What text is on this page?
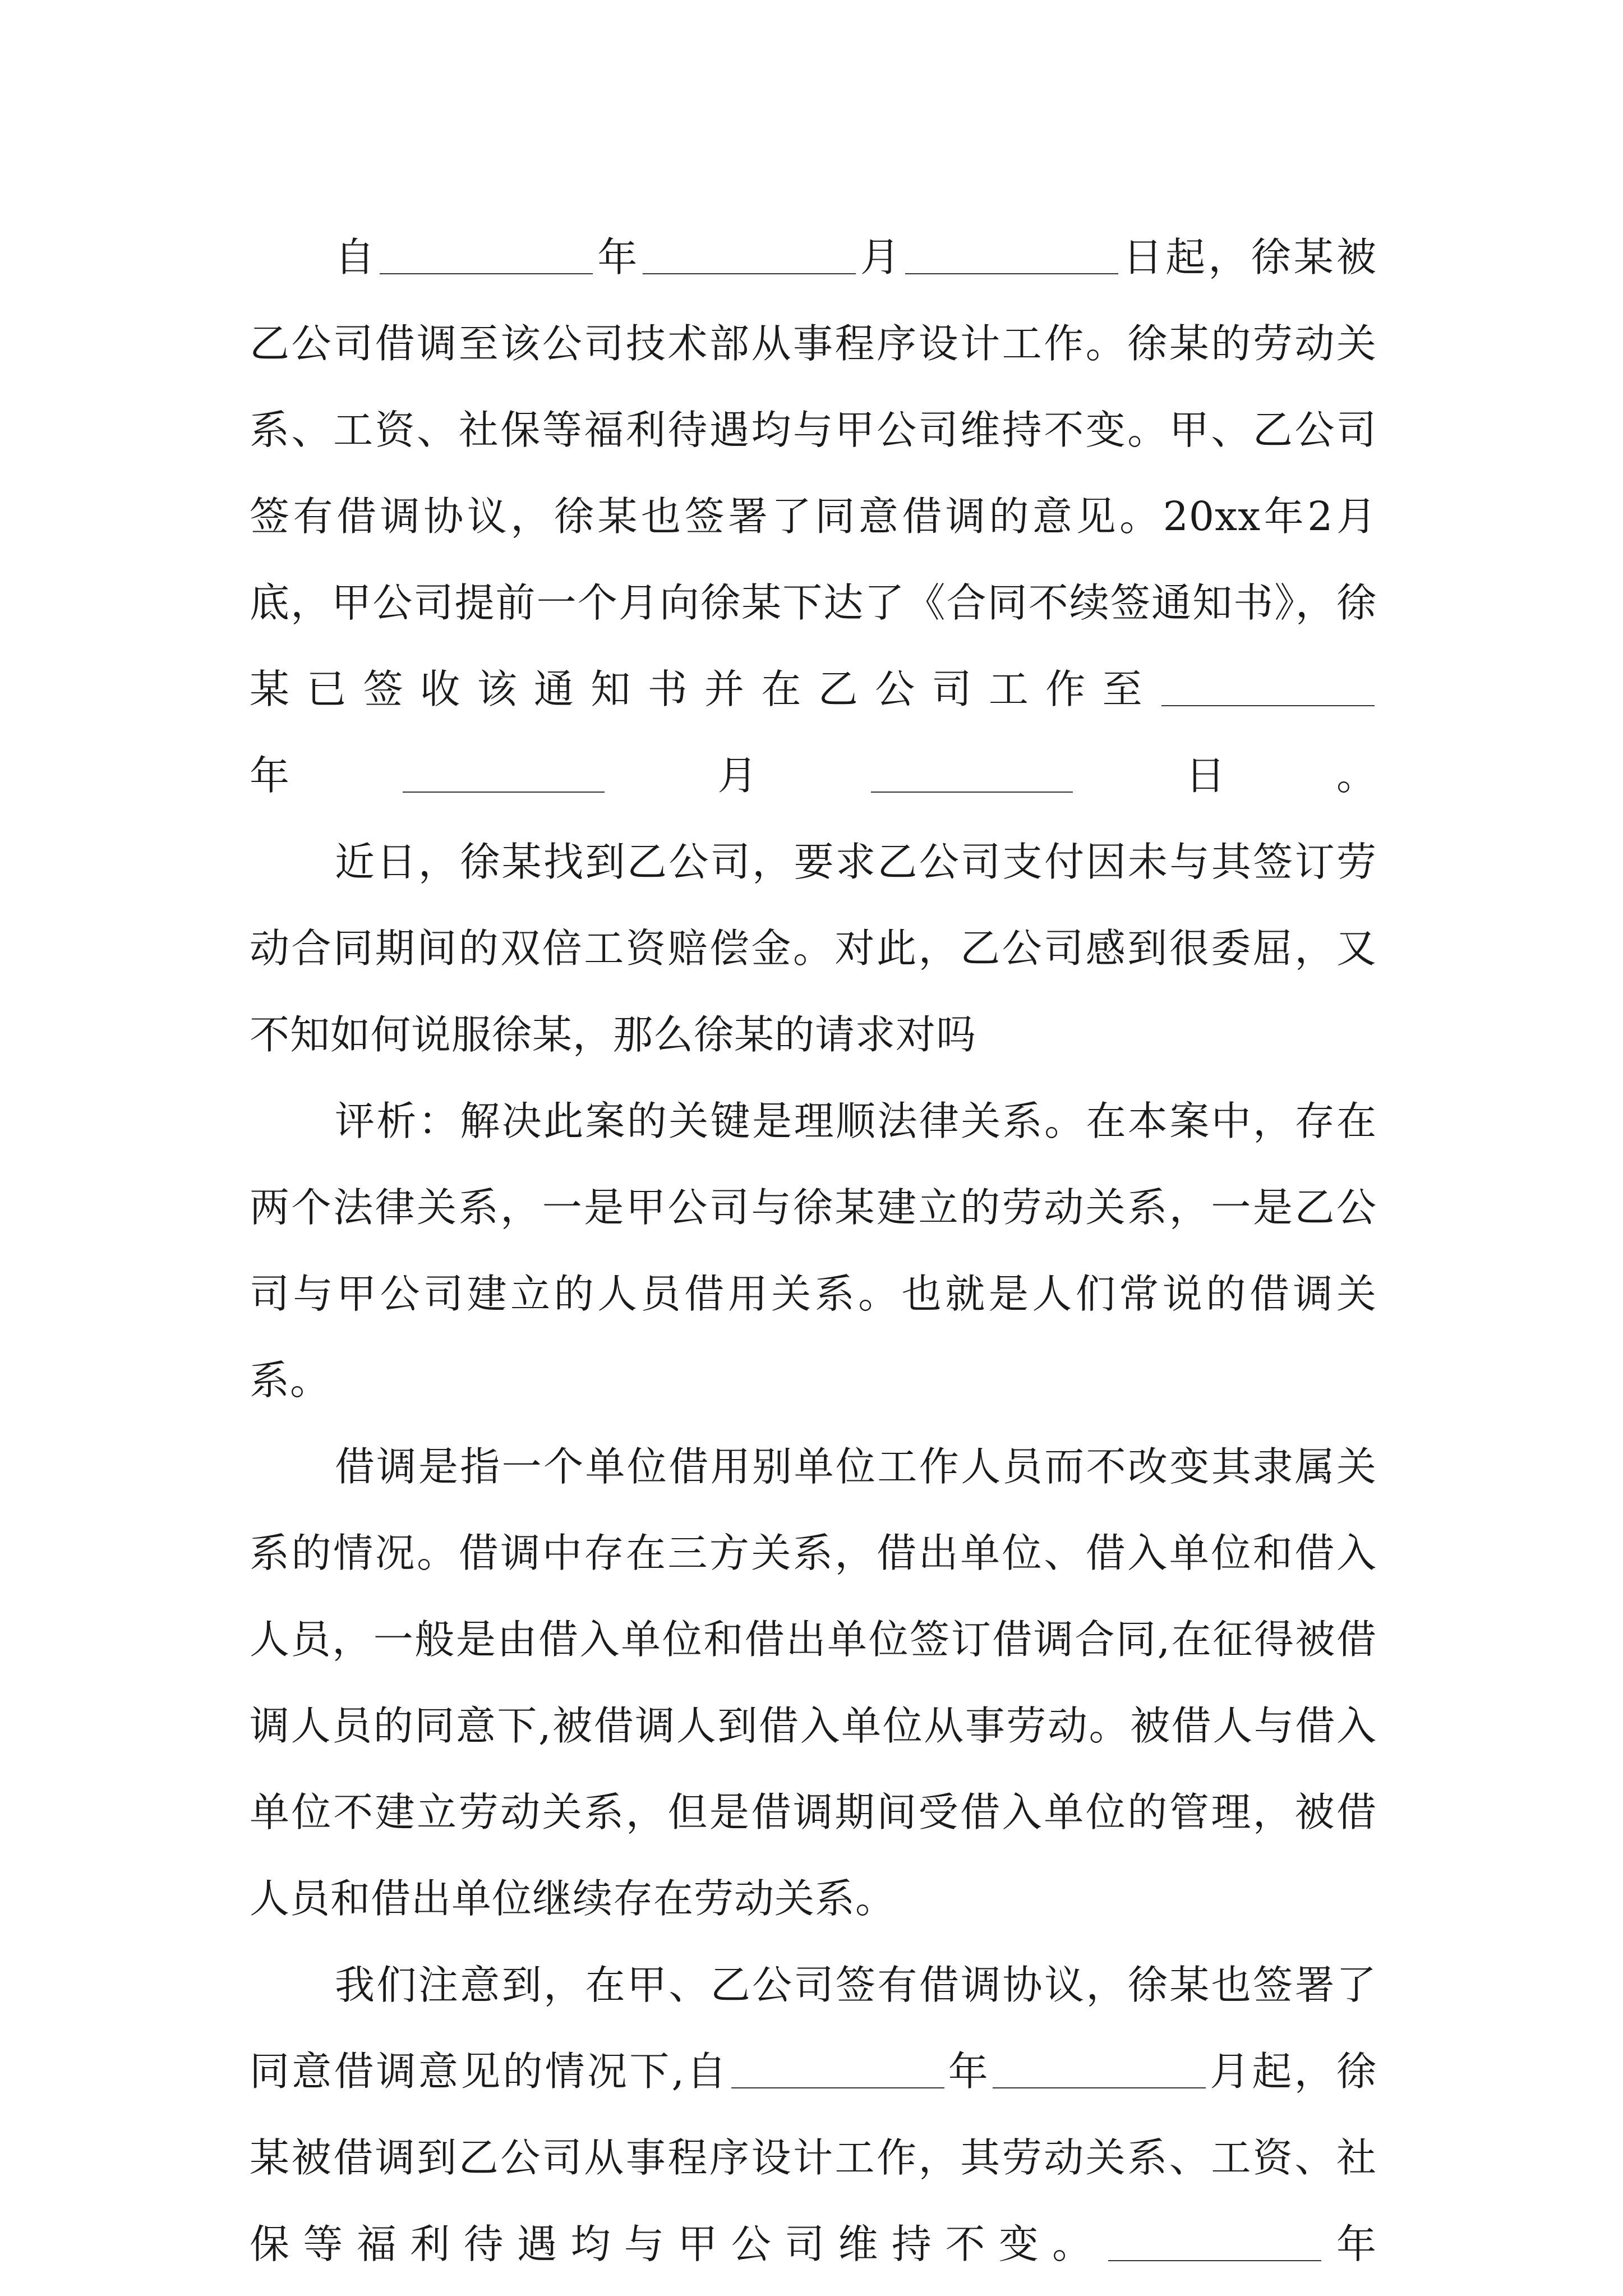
自	年	月	日起，徐某被乙公司借调至该公司技术部从事程序设计工作。徐某的劳动关系、工资、社保等福利待遇均与甲公司维持不变。甲、乙公司签有借调协议，徐某也签署了同意借调的意见。20xx年2月底，甲公司提前一个月向徐某下达了《合同不续签通知书》，徐某已签收该通知书并在乙公司工作至
年	月	日。

近日，徐某找到乙公司，要求乙公司支付因未与其签订劳动合同期间的双倍工资赔偿金。对此，乙公司感到很委屈，又不知如何说服徐某，那么徐某的请求对吗

评析：解决此案的关键是理顺法律关系。在本案中，存在两个法律关系，一是甲公司与徐某建立的劳动关系，一是乙公司与甲公司建立的人员借用关系。也就是人们常说的借调关系。

借调是指一个单位借用别单位工作人员而不改变其隶属关系的情况。借调中存在三方关系，借出单位、借入单位和借入人员，一般是由借入单位和借出单位签订借调合同,在征得被借调人员的同意下,被借调人到借入单位从事劳动。被借人与借入单位不建立劳动关系，但是借调期间受借入单位的管理，被借人员和借出单位继续存在劳动关系。

我们注意到，在甲、乙公司签有借调协议，徐某也签署了同意借调意见的情况下,自	年	月起，徐某被借调到乙公司从事程序设计工作，其劳动关系、工资、社保等福利待遇均与甲公司维持不变。	年
